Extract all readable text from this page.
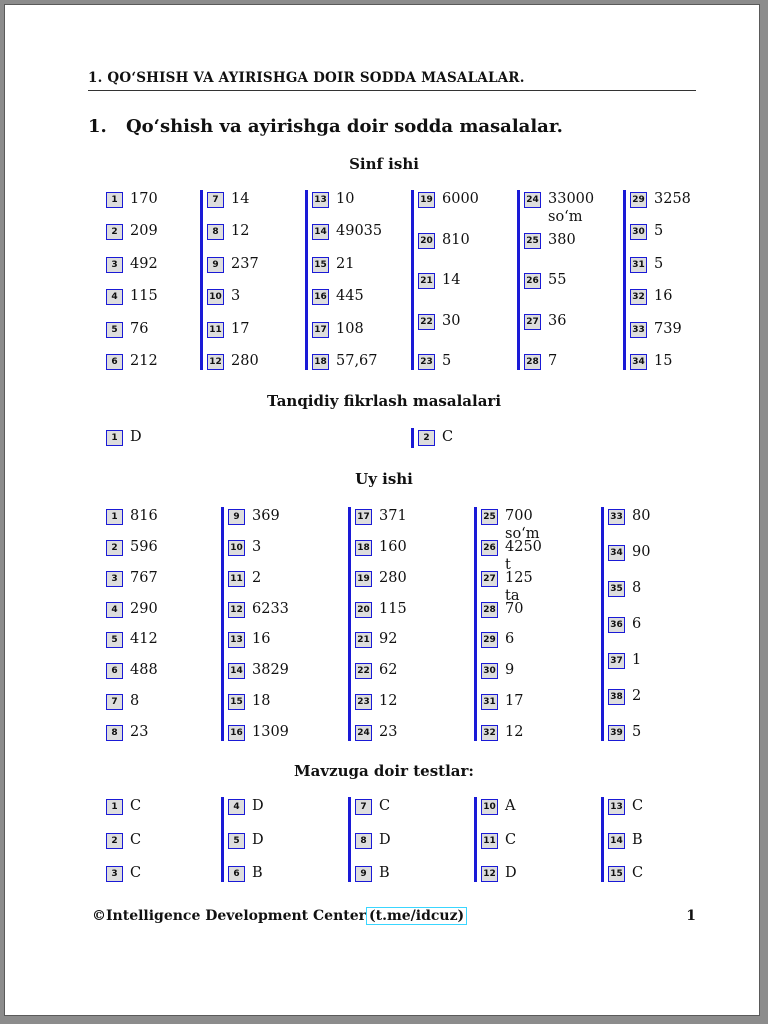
1. QO‘SHISH VA AYIRISHGA DOIR SODDA MASALALAR.
1. Qo‘shish va ayirishga doir sodda masalalar.
Sinf ishi
1 170
2 209
3 492
4 115
5 76
6 212
7 14
8 12
9 237
10 3
11 17
12 280
13 10
14 49035
15 21
16 445
17 108
18 57,67
19 6000
20 810
21 14
22 30
23 5
24 33000
so‘m
25 380
26 55
27 36
28 7
29 3258
30 5
31 5
32 16
33 739
34 15
Tanqidiy fikrlash masalalari
1 D	2 C
Uy ishi
1 816
2 596
3 767
4 290
5 412
6 488
7 8
8 23
9 369
10 3
11 2
12 6233
13 16
14 3829
15 18
16 1309
17 371
18 160
19 280
20 115
21 92
22 62
23 12
24 23
25 700 so‘m
26 4250 t
27 125 ta
28 70
29 6
30 9
31 17
32 12
33 80
34 90
35 8
36 6
37 1
38 2
39 5
Mavzuga doir testlar:
1 C
2 C
3 C
4 D
5 D
6 B
7 C
8 D
9 B
10 A
11 C
12 D
13 C
14 B
15 C
©Intelligence Development Center (t.me/idcuz)	1
